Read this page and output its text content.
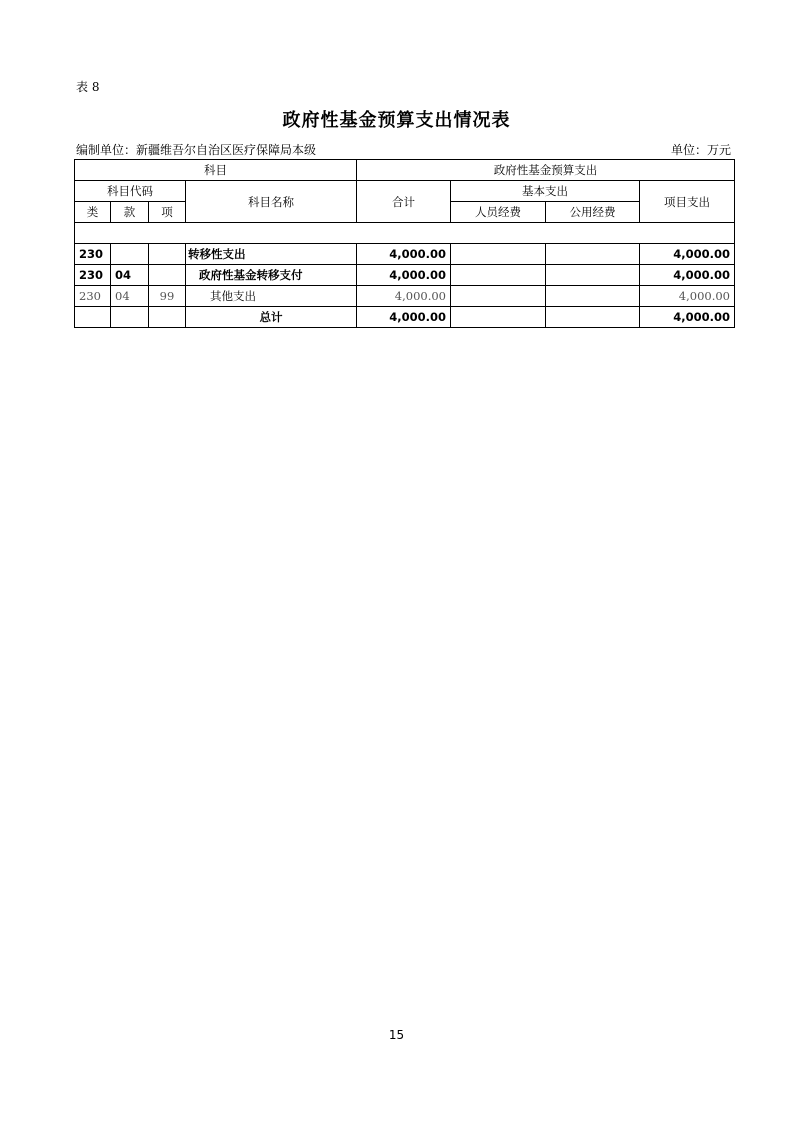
表 8
政府性基金预算支出情况表
编制单位：新疆维吾尔自治区医疗保障局本级	单位：万元
科目				政府性基金预算支出			
科目代码			科目名称	合计	基本支出		项目支出
类	款	项			人员经费	公用经费	

230			转移性支出	4,000.00			4,000.00
230	04		政府性基金转移支付	4,000.00			4,000.00
230	04	99	其他支出	4,000.00			4,000.00
			总计	4,000.00			4,000.00
15
